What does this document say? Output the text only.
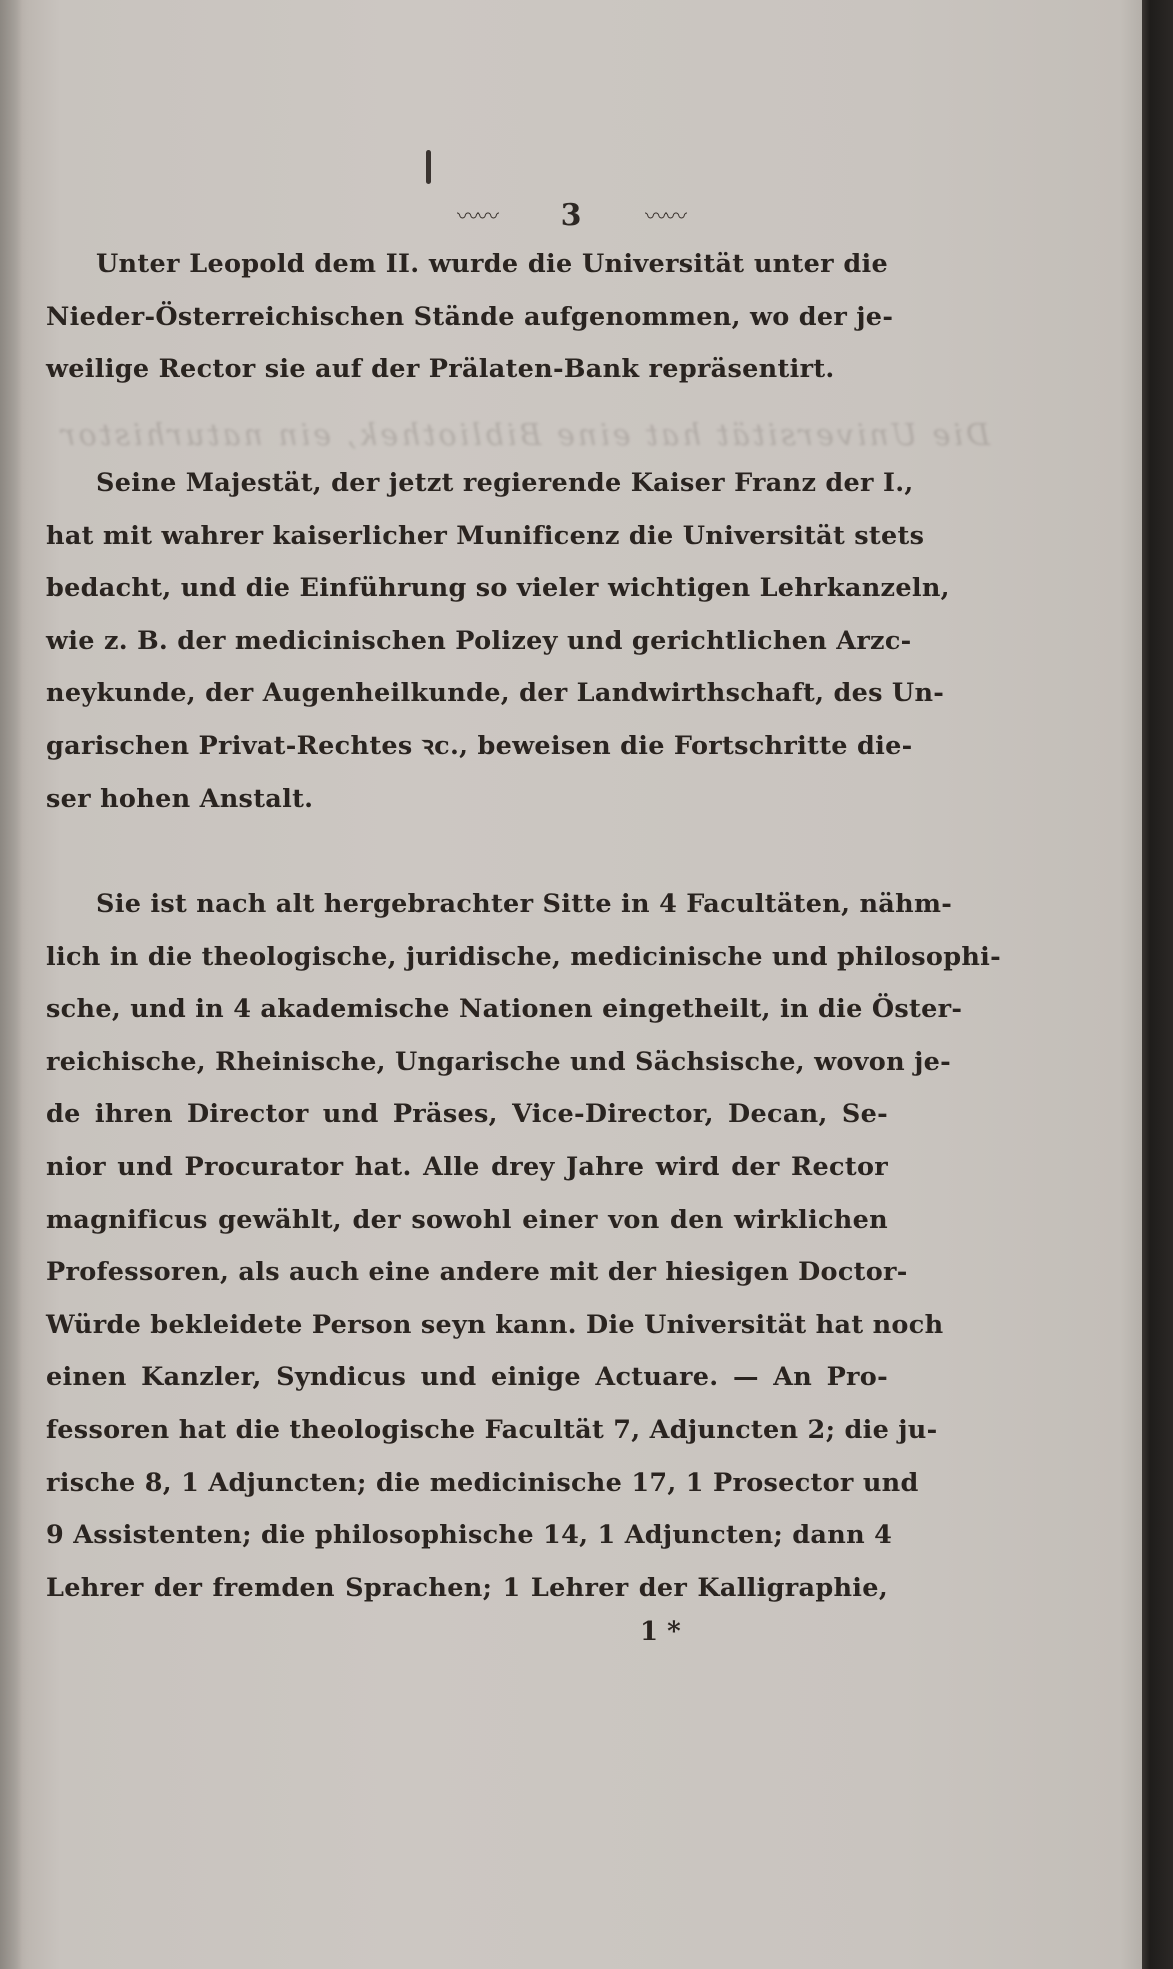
Die Universität hat eine Bibliothek, ein naturhistor
〰〰 3	〰〰
Unter Leopold dem II. wurde die Universität unter die
Nieder-Österreichischen Stände aufgenommen, wo der je-
weilige Rector sie auf der Prälaten-Bank repräsentirt.
Seine Majestät, der jetzt regierende Kaiser Franz der I.,
hat mit wahrer kaiserlicher Munificenz die Universität stets
bedacht, und die Einführung so vieler wichtigen Lehrkanzeln,
wie z. B. der medicinischen Polizey und gerichtlichen Arzc-
neykunde, der Augenheilkunde, der Landwirthschaft, des Un-
garischen Privat-Rechtes ꝛc., beweisen die Fortschritte die-
ser hohen Anstalt.
Sie ist nach alt hergebrachter Sitte in 4 Facultäten, nähm-
lich in die theologische, juridische, medicinische und philosophi-
sche, und in 4 akademische Nationen eingetheilt, in die Öster-
reichische, Rheinische, Ungarische und Sächsische, wovon je-
de ihren Director und Präses, Vice-Director, Decan, Se-
nior und Procurator hat. Alle drey Jahre wird der Rector
magnificus gewählt, der sowohl einer von den wirklichen
Professoren, als auch eine andere mit der hiesigen Doctor-
Würde bekleidete Person seyn kann. Die Universität hat noch
einen Kanzler, Syndicus und einige Actuare. — An Pro-
fessoren hat die theologische Facultät 7, Adjuncten 2; die ju-
rische 8, 1 Adjuncten; die medicinische 17, 1 Prosector und
9 Assistenten; die philosophische 14, 1 Adjuncten; dann 4
Lehrer der fremden Sprachen; 1 Lehrer der Kalligraphie,
1 *
